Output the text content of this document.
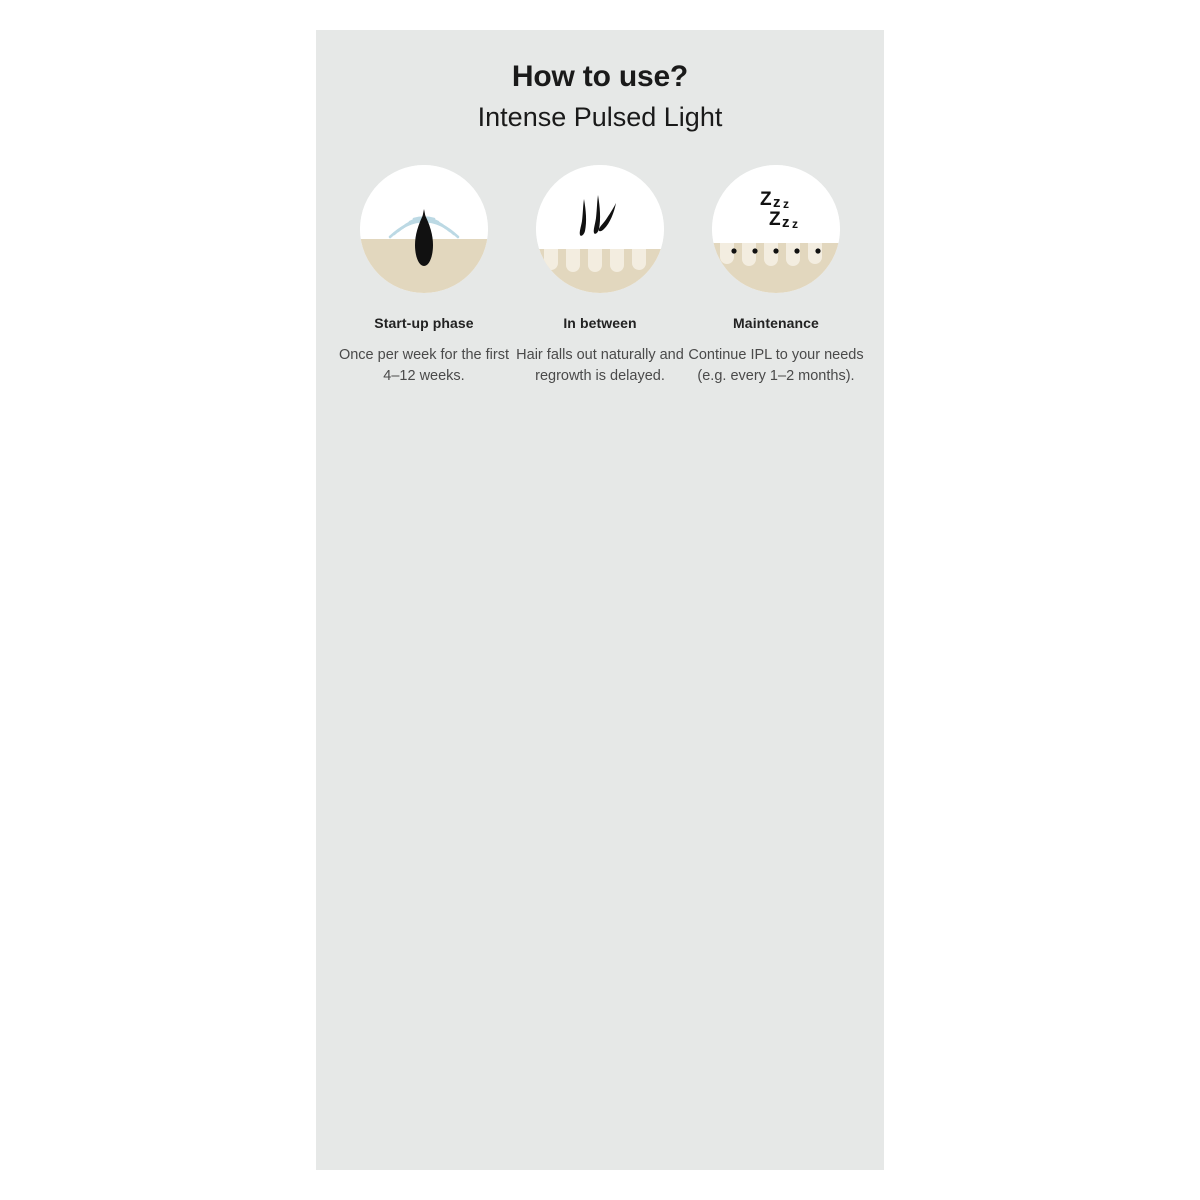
How to use?
Intense Pulsed Light
Start-up phase
Once per week for the first 4–12 weeks.
In between
Hair falls out naturally and regrowth is delayed.
Z z z
Z z z
Maintenance
Continue IPL to your needs (e.g. every 1–2 months).
